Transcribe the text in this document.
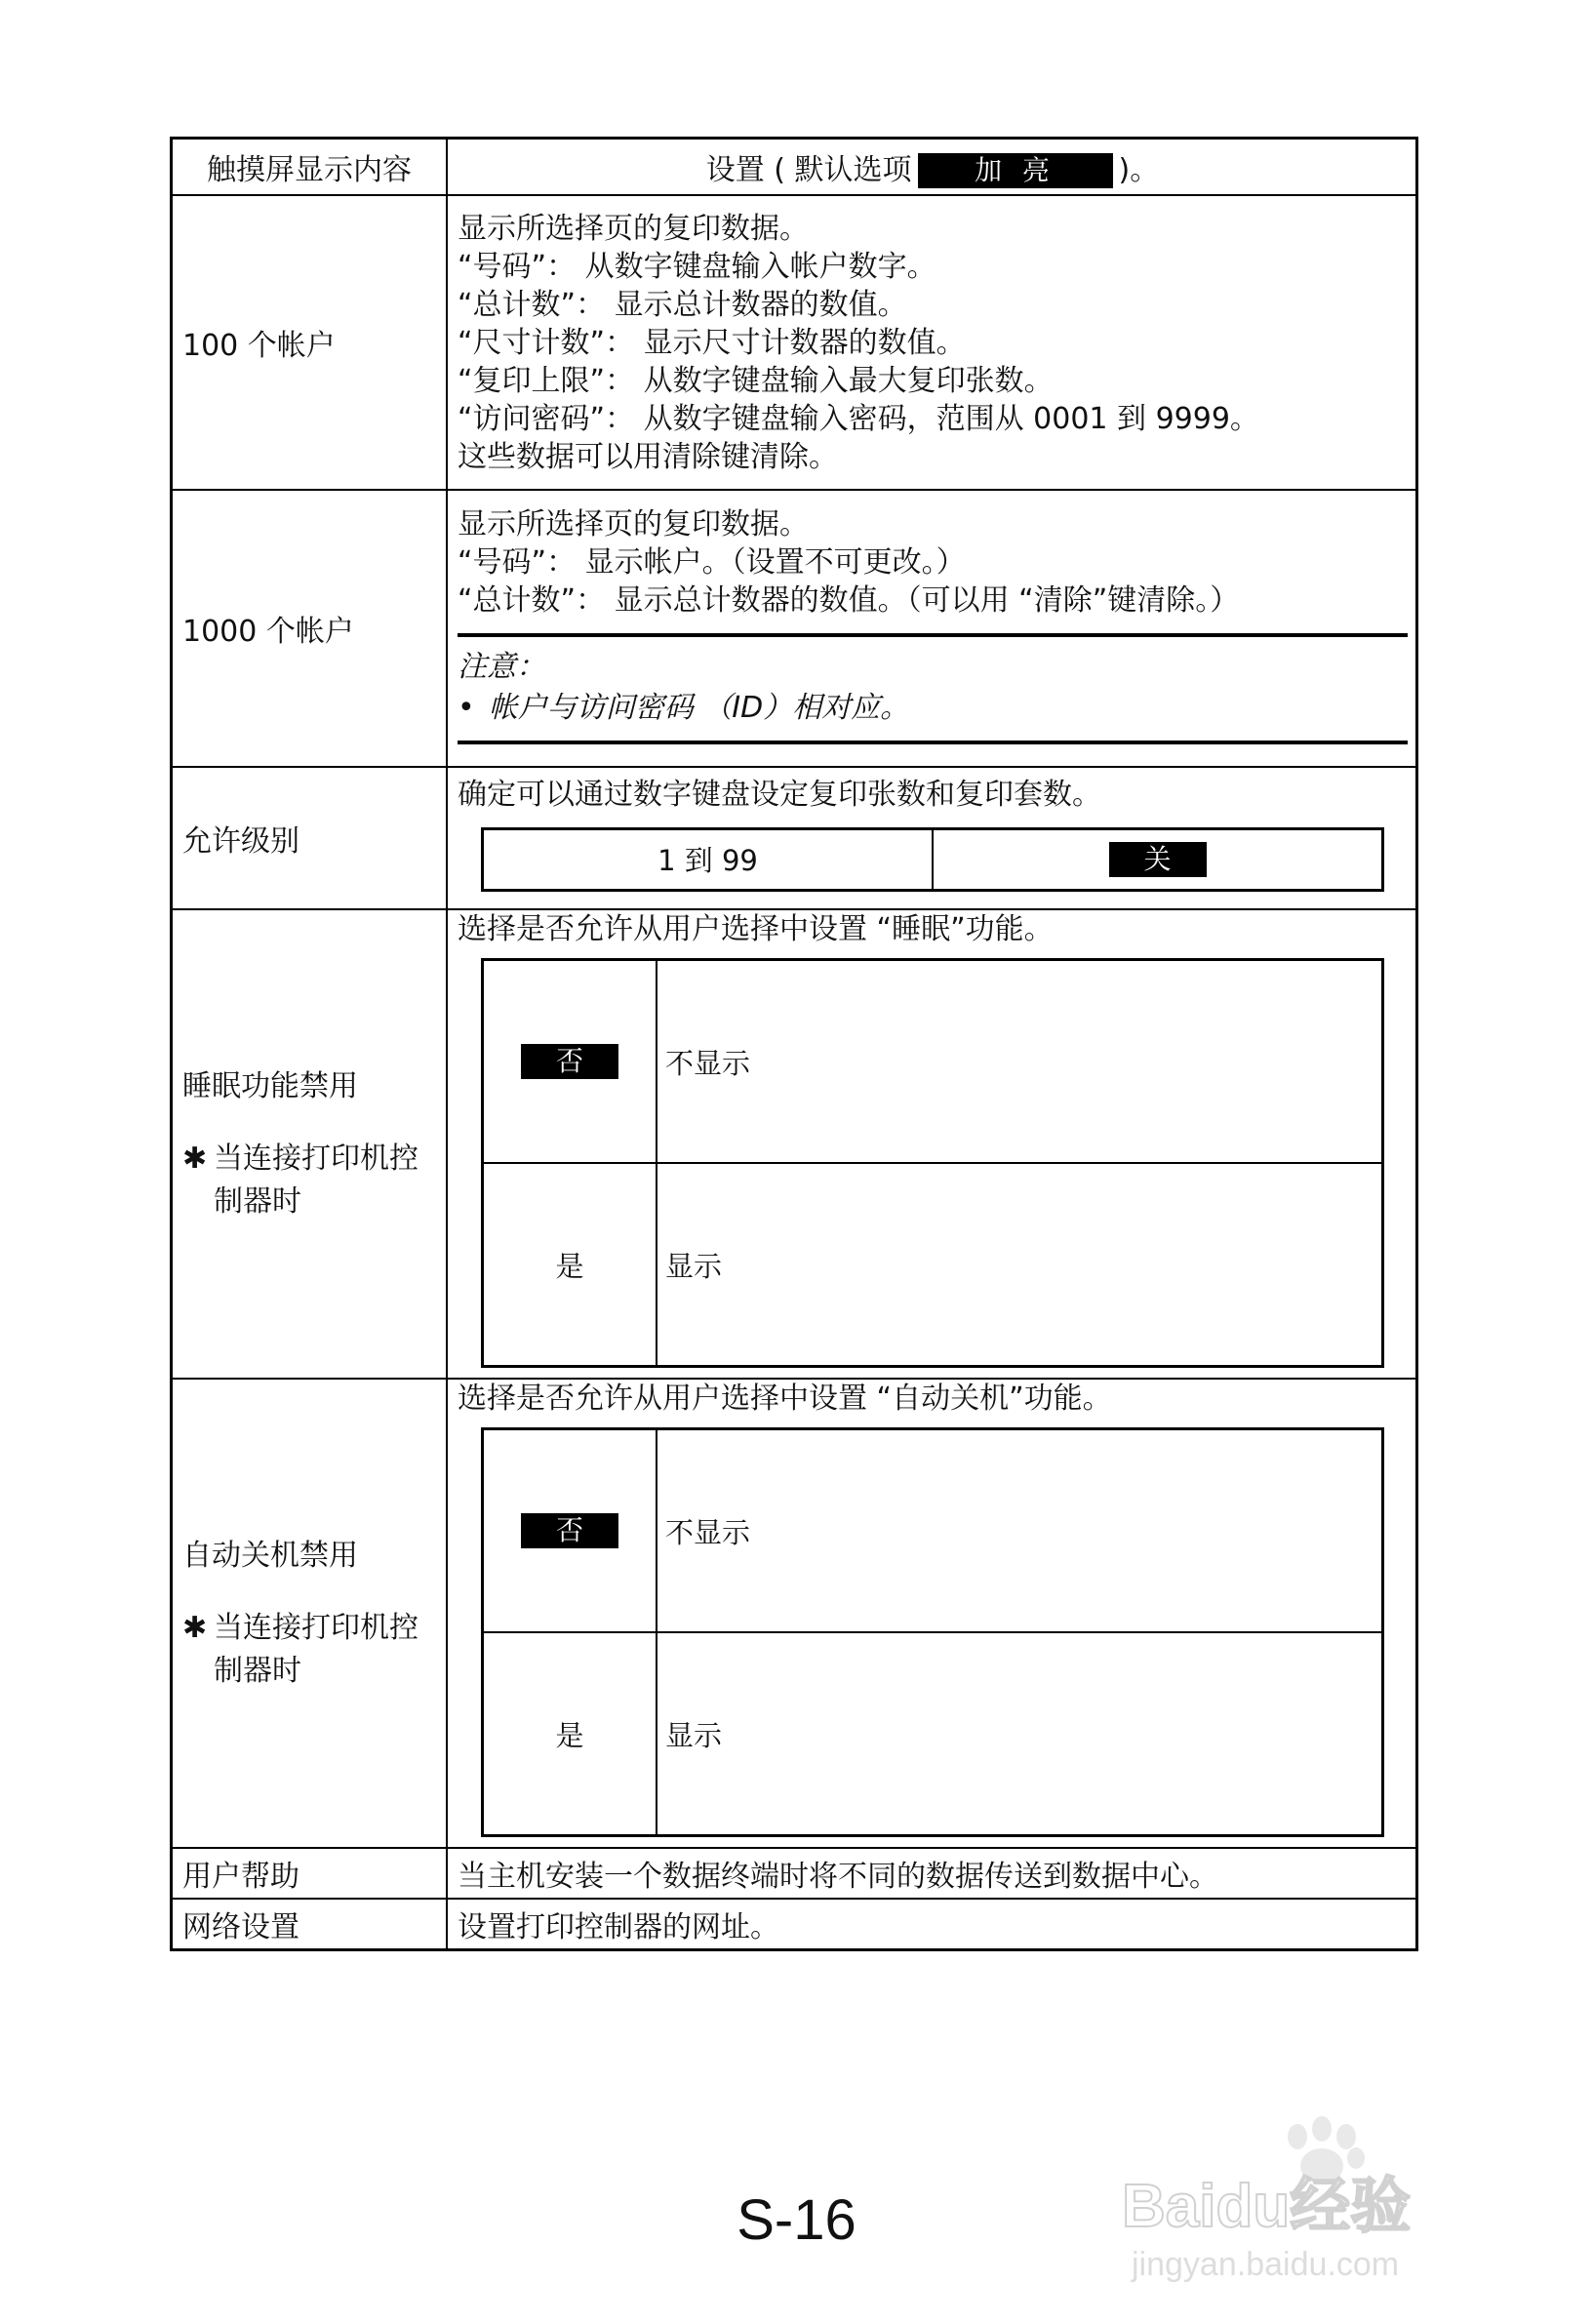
触摸屏显示内容	设置 ( 默认选项 加 亮 )。
100 个帐户	
显示所选择页的复印数据。
“号码”： 从数字键盘输入帐户数字。
“总计数”： 显示总计数器的数值。
“尺寸计数”： 显示尺寸计数器的数值。
“复印上限”： 从数字键盘输入最大复印张数。
“访问密码”： 从数字键盘输入密码，范围从 0001 到 9999。
这些数据可以用清除键清除。

1000 个帐户	
显示所选择页的复印数据。
“号码”： 显示帐户。（设置不可更改。）
“总计数”： 显示总计数器的数值。（可以用 “清除”键清除。）
注意：
• 帐户与访问密码 （ID）相对应。

允许级别	
确定可以通过数字键盘设定复印张数和复印套数。
1 到 99	关

睡眠功能禁用
✱ 当连接打印机控
制器时

选择是否允许从用户选择中设置 “睡眠”功能。
否	不显示
是	显示

自动关机禁用
✱ 当连接打印机控
制器时

选择是否允许从用户选择中设置 “自动关机”功能。
否	不显示
是	显示

用户帮助	当主机安装一个数据终端时将不同的数据传送到数据中心。
网络设置	设置打印控制器的网址。
Baidu经验
jingyan.baidu.com
S-16
